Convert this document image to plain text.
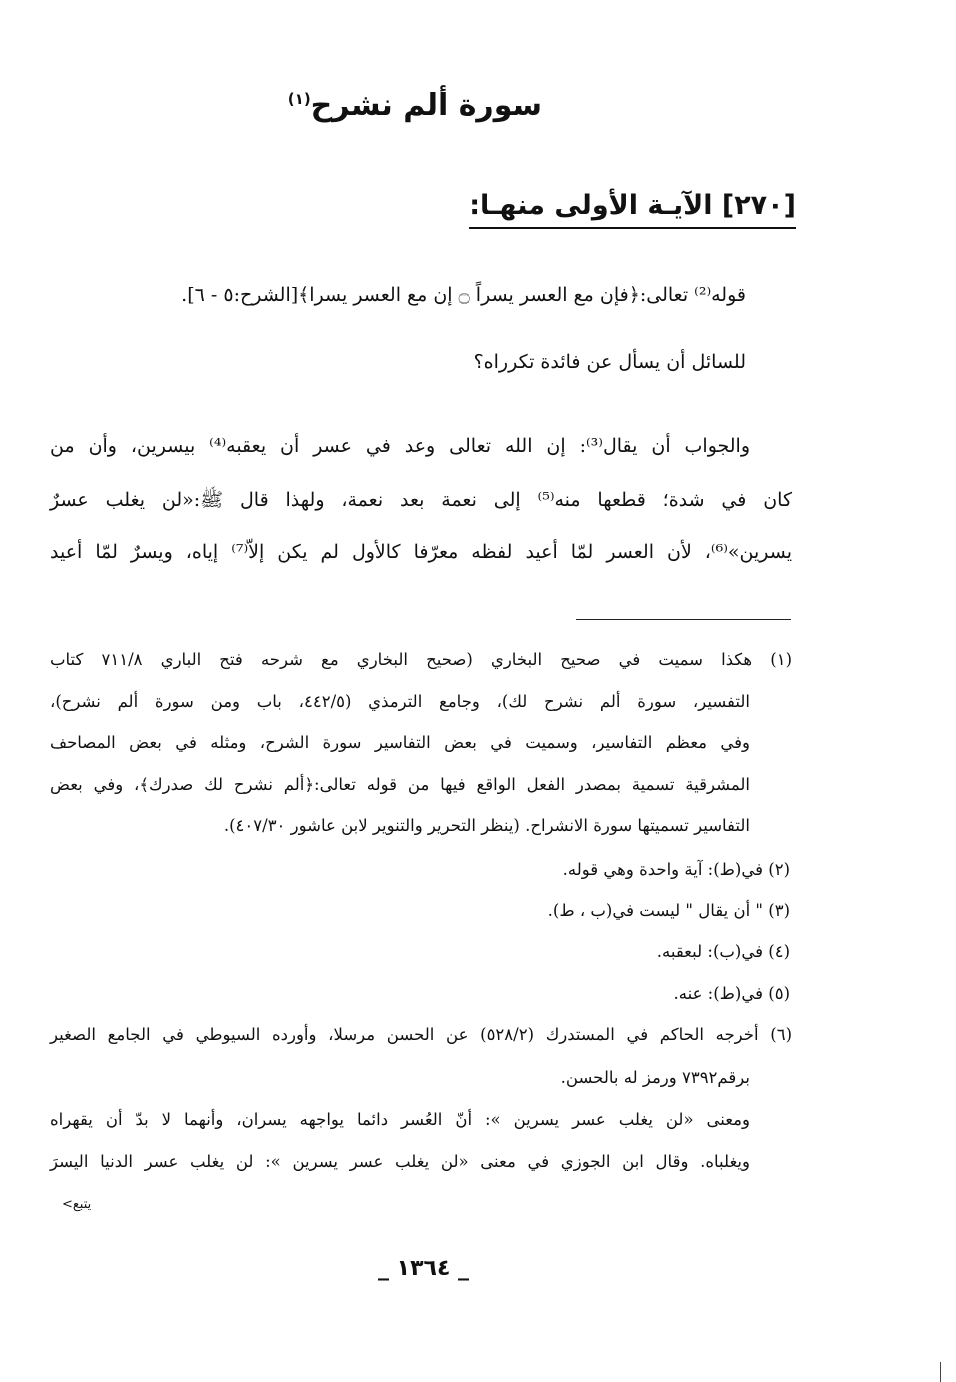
سورة ألم نشرح$^{(١)}$
[٢٧٠] الآيـة الأولى منهـا:
قوله⁽²⁾ تعالى:﴿فإن مع العسر يسراً ۝ إن مع العسر يسرا﴾[الشرح:٥ - ٦].
للسائل أن يسأل عن فائدة تكرراه؟
والجواب أن يقال⁽³⁾: إن الله تعالى وعد في عسر أن يعقبه⁽⁴⁾ بيسرين، وأن من
كان في شدة؛ قطعها منه⁽⁵⁾ إلى نعمة بعد نعمة، ولهذا قال ﷺ:«لن يغلب عسرٌ
يسرين»⁽⁶⁾، لأن العسر لمّا أعيد لفظه معرّفا كالأول لم يكن إلاّ⁽⁷⁾ إياه، ويسرٌ لمّا أعيد
(١) هكذا سميت في صحيح البخاري (صحيح البخاري مع شرحه فتح الباري ٧١١/٨ كتاب
التفسير، سورة ألم نشرح لك)، وجامع الترمذي (٤٤٢/٥، باب ومن سورة ألم نشرح)،
وفي معظم التفاسير، وسميت في بعض التفاسير سورة الشرح، ومثله في بعض المصاحف
المشرقية تسمية بمصدر الفعل الواقع فيها من قوله تعالى:﴿ألم نشرح لك صدرك﴾، وفي بعض
التفاسير تسميتها سورة الانشراح. (ينظر التحرير والتنوير لابن عاشور ٤٠٧/٣٠).
(٢) في(ط): آية واحدة وهي قوله.
(٣) " أن يقال " ليست في(ب ، ط).
(٤) في(ب): لبعقبه.
(٥) في(ط): عنه.
(٦) أخرجه الحاكم في المستدرك (٥٢٨/٢) عن الحسن مرسلا، وأورده السيوطي في الجامع الصغير
برقم٧٣٩٢ ورمز له بالحسن.
ومعنى «لن يغلب عسر يسرين »: أنّ العُسر دائما يواجهه يسران، وأنهما لا بدّ أن يقهراه
ويغلباه. وقال ابن الجوزي في معنى «لن يغلب عسر يسرين »: لن يغلب عسر الدنيا اليسرَ
يتبع>
_ ١٣٦٤ _
